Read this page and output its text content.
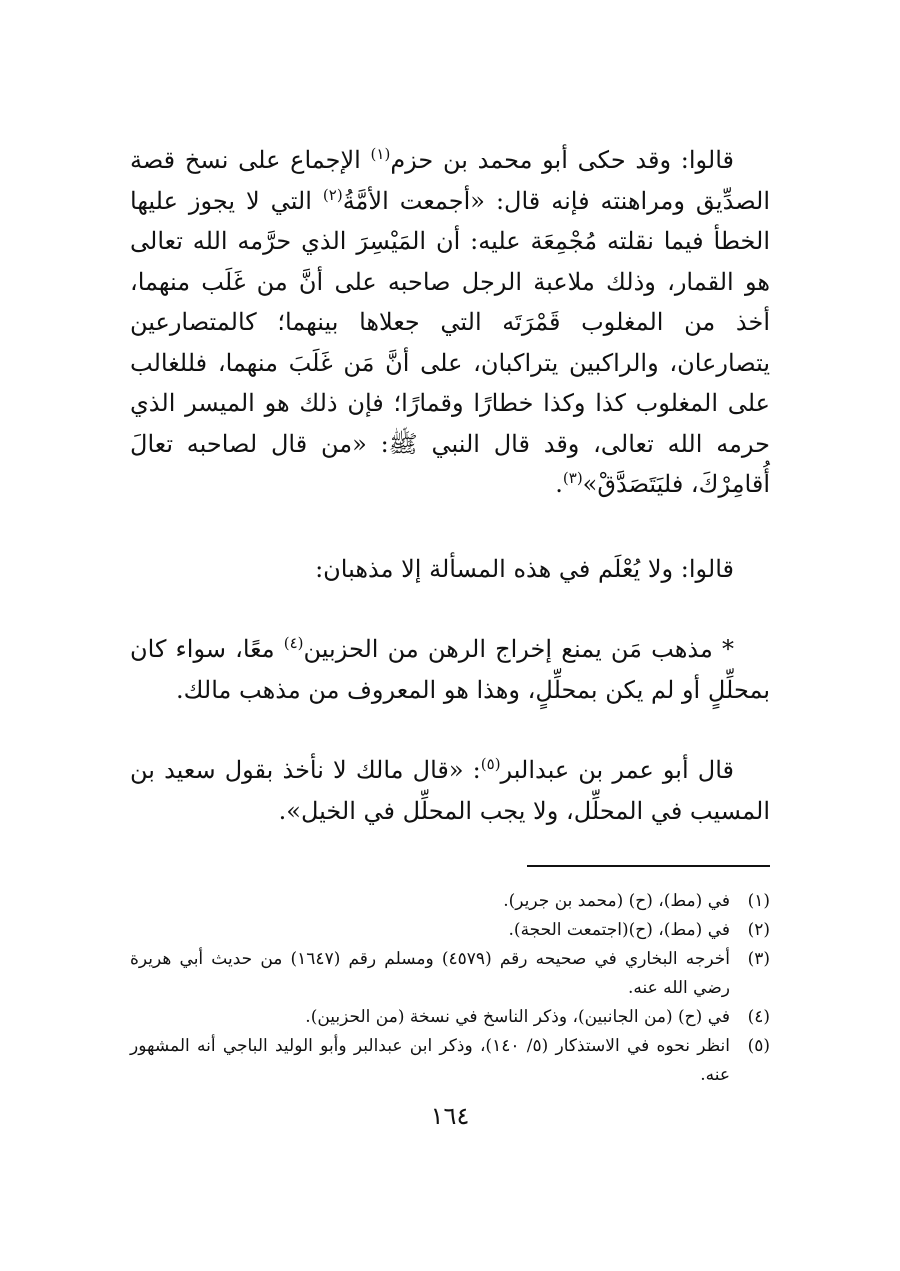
قالوا: وقد حكى أبو محمد بن حزم$^{(١)}$ الإجماع على نسخ قصة الصدِّيق ومراهنته فإنه قال: «أجمعت الأمَّةُ$^{(٢)}$ التي لا يجوز عليها الخطأ فيما نقلته مُجْمِعَة عليه: أن المَيْسِرَ الذي حرَّمه الله تعالى هو القمار، وذلك ملاعبة الرجل صاحبه على أنَّ من غَلَب منهما، أخذ من المغلوب قَمْرَتَه التي جعلاها بينهما؛ كالمتصارعين يتصارعان، والراكبين يتراكبان، على أنَّ مَن غَلَبَ منهما، فللغالب على المغلوب كذا وكذا خطارًا وقمارًا؛ فإن ذلك هو الميسر الذي حرمه الله تعالى، وقد قال النبي ﷺ: «من قال لصاحبه تعالَ أُقامِرْكَ، فليَتَصَدَّقْ»$^{(٣)}$.

قالوا: ولا يُعْلَم في هذه المسألة إلا مذهبان:

* مذهب مَن يمنع إخراج الرهن من الحزبين$^{(٤)}$ معًا، سواء كان بمحلِّلٍ أو لم يكن بمحلِّلٍ، وهذا هو المعروف من مذهب مالك.

قال أبو عمر بن عبدالبر$^{(٥)}$: «قال مالك لا نأخذ بقول سعيد بن المسيب في المحلِّل، ولا يجب المحلِّل في الخيل».

(١)
في (مط)، (ح) (محمد بن جرير).
(٢)
في (مط)، (ح)(اجتمعت الحجة).
(٣)
أخرجه البخاري في صحيحه رقم (٤٥٧٩) ومسلم رقم (١٦٤٧) من حديث أبي هريرة رضي الله عنه.
(٤)
في (ح) (من الجانبين)، وذكر الناسخ في نسخة (من الحزبين).
(٥)
انظر نحوه في الاستذكار (٥/ ١٤٠)، وذكر ابن عبدالبر وأبو الوليد الباجي أنه المشهور عنه.
١٦٤
